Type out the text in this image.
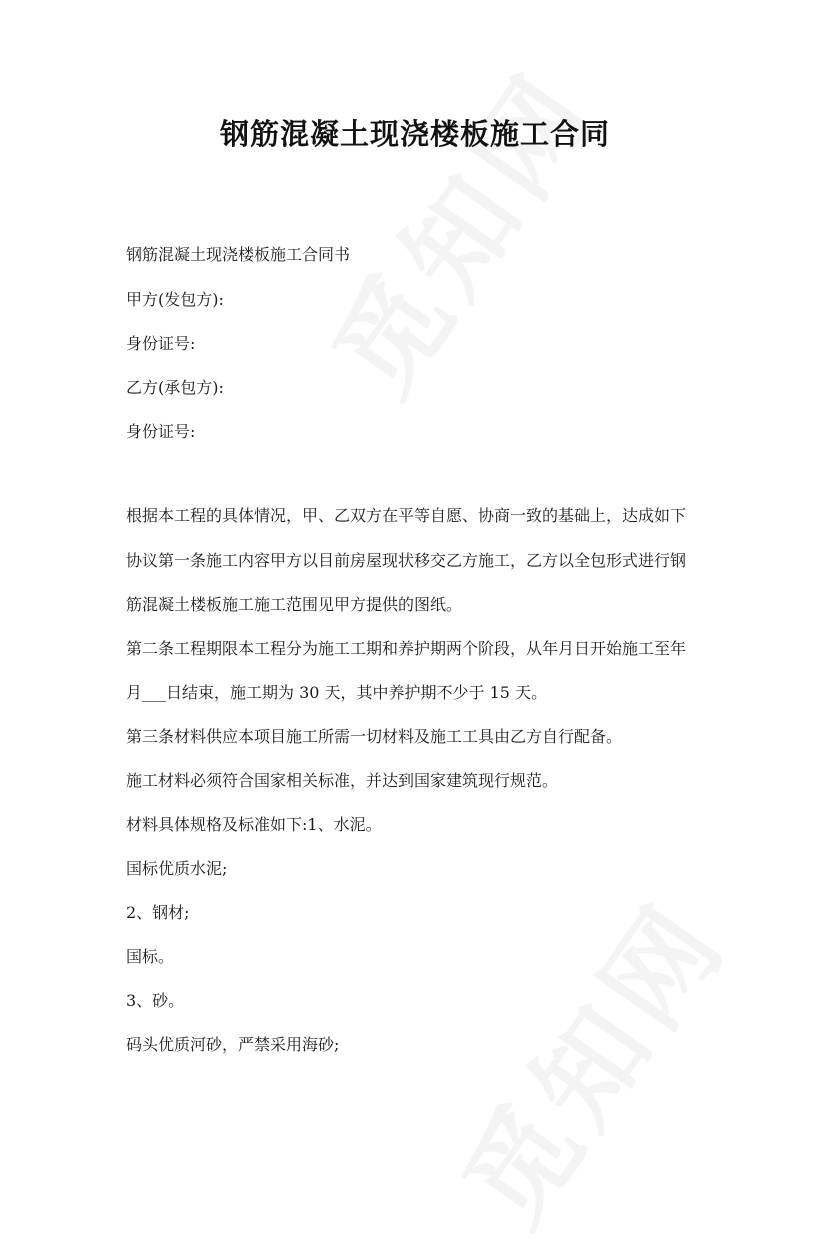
钢筋混凝土现浇楼板施工合同
钢筋混凝土现浇楼板施工合同书
甲方(发包方):
身份证号:
乙方(承包方):
身份证号:
根据本工程的具体情况，甲、乙双方在平等自愿、协商一致的基础上，达成如下
协议第一条施工内容甲方以目前房屋现状移交乙方施工，乙方以全包形式进行钢
筋混凝土楼板施工施工范围见甲方提供的图纸。
第二条工程期限本工程分为施工工期和养护期两个阶段，从年月日开始施工至年
月___日结束，施工期为 30 天，其中养护期不少于 15 天。
第三条材料供应本项目施工所需一切材料及施工工具由乙方自行配备。
施工材料必须符合国家相关标准，并达到国家建筑现行规范。
材料具体规格及标准如下:1、水泥。
国标优质水泥;
2、钢材;
国标。
3、砂。
码头优质河砂，严禁采用海砂;
